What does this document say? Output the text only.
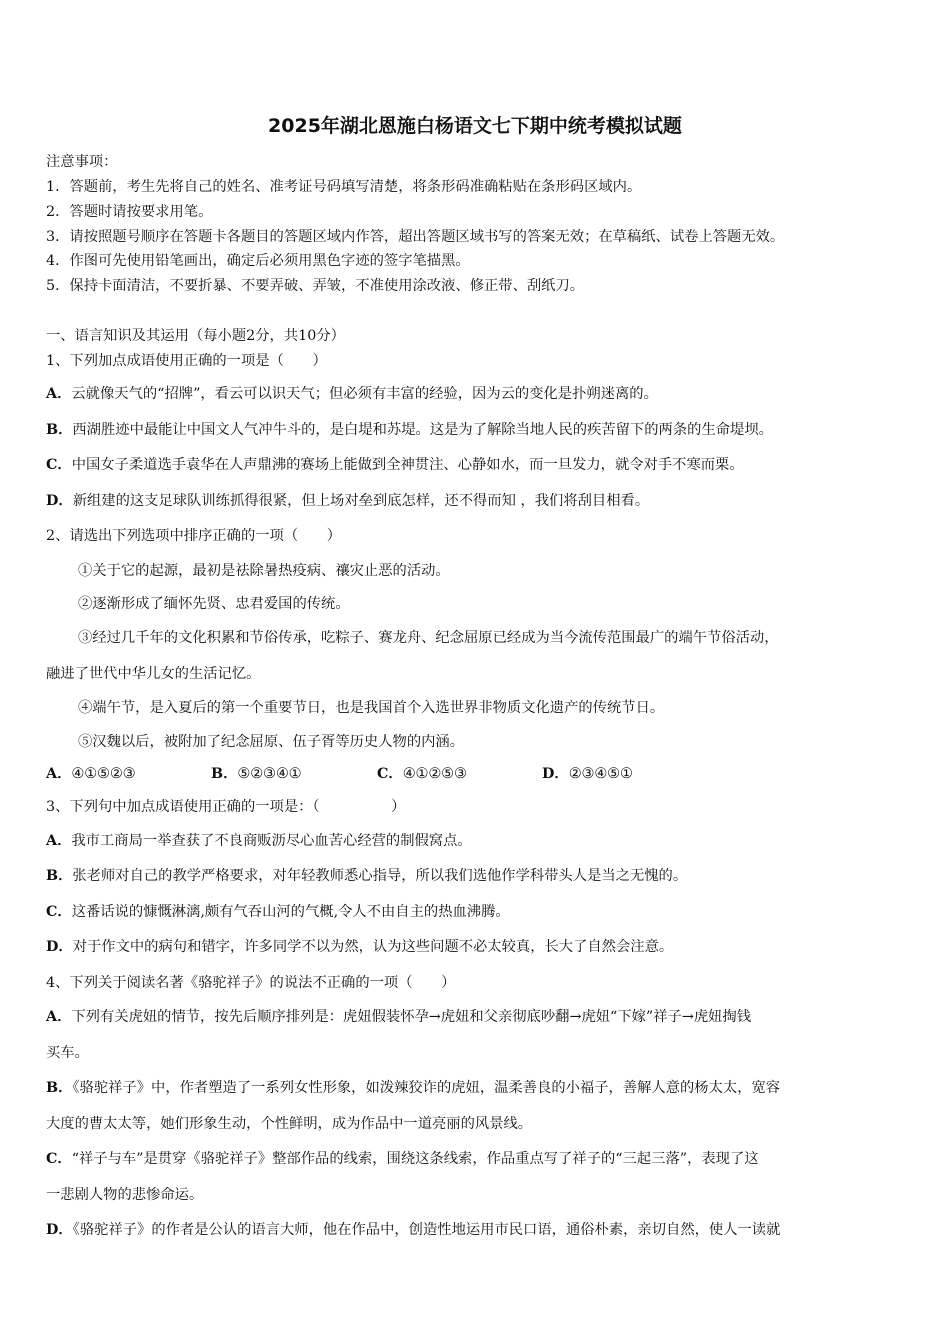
2025年湖北恩施白杨语文七下期中统考模拟试题
注意事项：
1．答题前，考生先将自己的姓名、准考证号码填写清楚，将条形码准确粘贴在条形码区域内。
2．答题时请按要求用笔。
3．请按照题号顺序在答题卡各题目的答题区域内作答，超出答题区域书写的答案无效；在草稿纸、试卷上答题无效。
4．作图可先使用铅笔画出，确定后必须用黑色字迹的签字笔描黑。
5．保持卡面清洁，不要折暴、不要弄破、弄皱，不准使用涂改液、修正带、刮纸刀。
一、语言知识及其运用（每小题2分，共10分）
1、下列加点成语使用正确的一项是（　　）
A．云就像天气的“招牌”，看云可以识天气；但必须有丰富的经验，因为云的变化是扑朔迷离的。
B．西湖胜迹中最能让中国文人气冲牛斗的，是白堤和苏堤。这是为了解除当地人民的疾苦留下的两条的生命堤坝。
C．中国女子柔道选手袁华在人声鼎沸的赛场上能做到全神贯注、心静如水，而一旦发力，就令对手不寒而栗。
D．新组建的这支足球队训练抓得很紧，但上场对垒到底怎样，还不得而知 ，我们将刮目相看。
2、请选出下列选项中排序正确的一项（　　）
①关于它的起源，最初是祛除暑热疫病、禳灾止恶的活动。
②逐渐形成了缅怀先贤、忠君爱国的传统。
③经过几千年的文化积累和节俗传承，吃粽子、赛龙舟、纪念屈原已经成为当今流传范围最广的端午节俗活动，
融进了世代中华儿女的生活记忆。
④端午节，是入夏后的第一个重要节日，也是我国首个入选世界非物质文化遗产的传统节日。
⑤汉魏以后，被附加了纪念屈原、伍子胥等历史人物的内涵。
A．④①⑤②③	B．⑤②③④①	C．④①②⑤③	D．②③④⑤①
3、下列句中加点成语使用正确的一项是：（　　　　　）
A．我市工商局一举查获了不良商贩沥尽心血苦心经营的制假窝点。
B．张老师对自己的教学严格要求，对年轻教师悉心指导，所以我们选他作学科带头人是当之无愧的。
C．这番话说的慷慨淋漓,颇有气吞山河的气概,令人不由自主的热血沸腾。
D．对于作文中的病句和错字，许多同学不以为然，认为这些问题不必太较真，长大了自然会注意。
4、下列关于阅读名著《骆驼祥子》的说法不正确的一项（　　）
A．下列有关虎妞的情节，按先后顺序排列是：虎妞假装怀孕→虎妞和父亲彻底吵翻→虎妞“下嫁”祥子→虎妞掏钱
买车。
B．《骆驼祥子》中，作者塑造了一系列女性形象，如泼辣狡诈的虎妞，温柔善良的小福子，善解人意的杨太太，宽容
大度的曹太太等，她们形象生动，个性鲜明，成为作品中一道亮丽的风景线。
C．“祥子与车”是贯穿《骆驼祥子》整部作品的线索，围绕这条线索，作品重点写了祥子的“三起三落”，表现了这
一悲剧人物的悲惨命运。
D．《骆驼祥子》的作者是公认的语言大师，他在作品中，创造性地运用市民口语，通俗朴素，亲切自然，使人一读就
